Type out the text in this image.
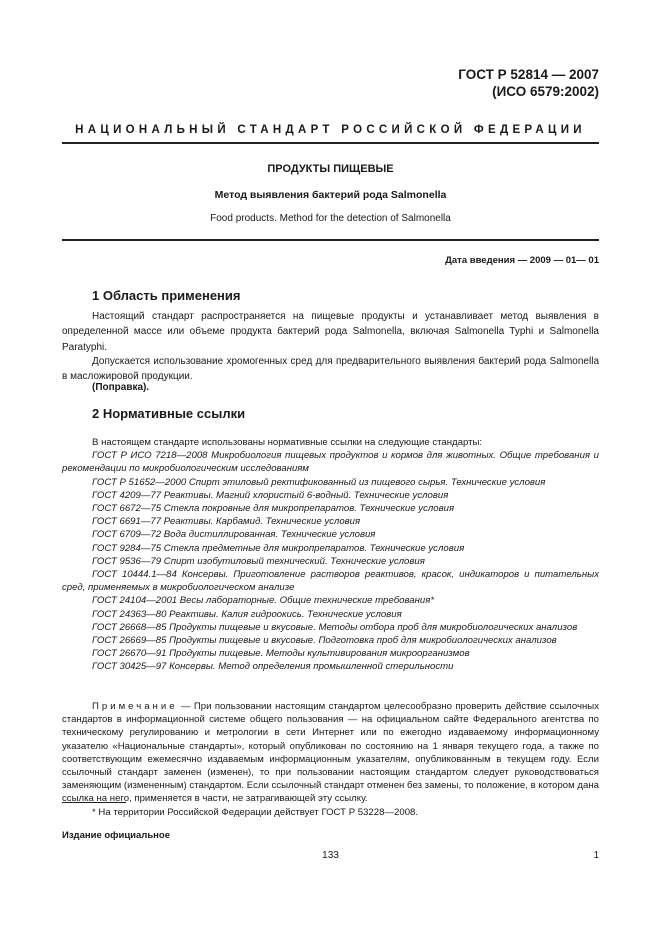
ГОСТ Р 52814 — 2007
(ИСО 6579:2002)
НАЦИОНАЛЬНЫЙ СТАНДАРТ РОССИЙСКОЙ ФЕДЕРАЦИИ
ПРОДУКТЫ ПИЩЕВЫЕ
Метод выявления бактерий рода Salmonella
Food products. Method for the detection of Salmonella
Дата введения — 2009 — 01— 01
1 Область применения

Настоящий стандарт распространяется на пищевые продукты и устанавливает метод выявления в определенной массе или объеме продукта бактерий рода Salmonella, включая Salmonella Typhi и Salmonella Paratyphi.

Допускается использование хромогенных сред для предварительного выявления бактерий рода Salmonella в масложировой продукции.

(Поправка).

2 Нормативные ссылки
В настоящем стандарте использованы нормативные ссылки на следующие стандарты:
ГОСТ Р ИСО 7218—2008 Микробиология пищевых продуктов и кормов для животных. Общие требования и рекомендации по микробиологическим исследованиям
ГОСТ Р 51652—2000 Спирт этиловый ректификованный из пищевого сырья. Технические условия
ГОСТ 4209—77 Реактивы. Магний хлористый 6-водный. Технические условия
ГОСТ 6672—75 Стекла покровные для микропрепаратов. Технические условия
ГОСТ 6691—77 Реактивы. Карбамид. Технические условия
ГОСТ 6709—72 Вода дистиллированная. Технические условия
ГОСТ 9284—75 Стекла предметные для микропрепаратов. Технические условия
ГОСТ 9536—79 Спирт изобутиловый технический. Технические условия
ГОСТ 10444.1—84 Консервы. Приготовление растворов реактивов, красок, индикаторов и питательных сред, применяемых в микробиологическом анализе
ГОСТ 24104—2001 Весы лабораторные. Общие технические требования*
ГОСТ 24363—80 Реактивы. Калия гидроокись. Технические условия
ГОСТ 26668—85 Продукты пищевые и вкусовые. Методы отбора проб для микробиологических анализов
ГОСТ 26669—85 Продукты пищевые и вкусовые. Подготовка проб для микробиологических анализов
ГОСТ 26670—91 Продукты пищевые. Методы культивирования микроорганизмов
ГОСТ 30425—97 Консервы. Метод определения промышленной стерильности

Примечание — При пользовании настоящим стандартом целесообразно проверить действие ссылочных стандартов в информационной системе общего пользования — на официальном сайте Федерального агентства по техническому регулированию и метрологии в сети Интернет или по ежегодно издаваемому информационному указателю «Национальные стандарты», который опубликован по состоянию на 1 января текущего года, а также по соответствующим ежемесячно издаваемым информационным указателям, опубликованным в текущем году. Если ссылочный стандарт заменен (изменен), то при пользовании настоящим стандартом следует руководствоваться заменяющим (измененным) стандартом. Если ссылочный стандарт отменен без замены, то положение, в котором дана ссылка на него, применяется в части, не затрагивающей эту ссылку.

* На территории Российской Федерации действует ГОСТ Р 53228—2008.
Издание официальное
133	1
